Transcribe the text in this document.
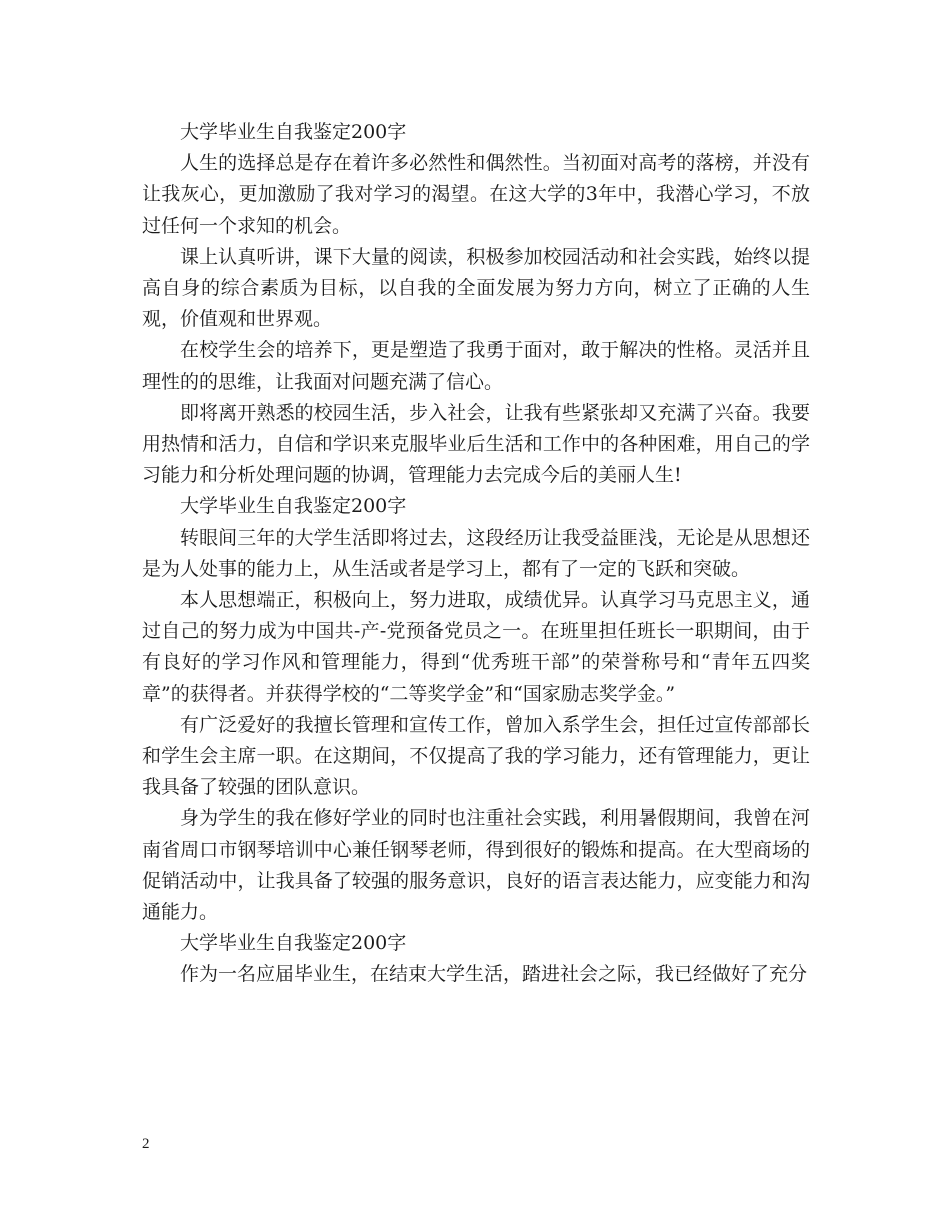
大学毕业生自我鉴定200字

人生的选择总是存在着许多必然性和偶然性。当初面对高考的落榜，并没有让我灰心，更加激励了我对学习的渴望。在这大学的3年中，我潜心学习，不放过任何一个求知的机会。

课上认真听讲，课下大量的阅读，积极参加校园活动和社会实践，始终以提高自身的综合素质为目标，以自我的全面发展为努力方向，树立了正确的人生观，价值观和世界观。

在校学生会的培养下，更是塑造了我勇于面对，敢于解决的性格。灵活并且理性的的思维，让我面对问题充满了信心。

即将离开熟悉的校园生活，步入社会，让我有些紧张却又充满了兴奋。我要用热情和活力，自信和学识来克服毕业后生活和工作中的各种困难，用自己的学习能力和分析处理问题的协调，管理能力去完成今后的美丽人生!

大学毕业生自我鉴定200字

转眼间三年的大学生活即将过去，这段经历让我受益匪浅，无论是从思想还是为人处事的能力上，从生活或者是学习上，都有了一定的飞跃和突破。

本人思想端正，积极向上，努力进取，成绩优异。认真学习马克思主义，通过自己的努力成为中国共-产-党预备党员之一。在班里担任班长一职期间，由于有良好的学习作风和管理能力，得到“优秀班干部”的荣誉称号和“青年五四奖章”的获得者。并获得学校的“二等奖学金”和“国家励志奖学金。”

有广泛爱好的我擅长管理和宣传工作，曾加入系学生会，担任过宣传部部长和学生会主席一职。在这期间，不仅提高了我的学习能力，还有管理能力，更让我具备了较强的团队意识。

身为学生的我在修好学业的同时也注重社会实践，利用暑假期间，我曾在河南省周口市钢琴培训中心兼任钢琴老师，得到很好的锻炼和提高。在大型商场的促销活动中，让我具备了较强的服务意识，良好的语言表达能力，应变能力和沟通能力。

大学毕业生自我鉴定200字

作为一名应届毕业生，在结束大学生活，踏进社会之际，我已经做好了充分

2
